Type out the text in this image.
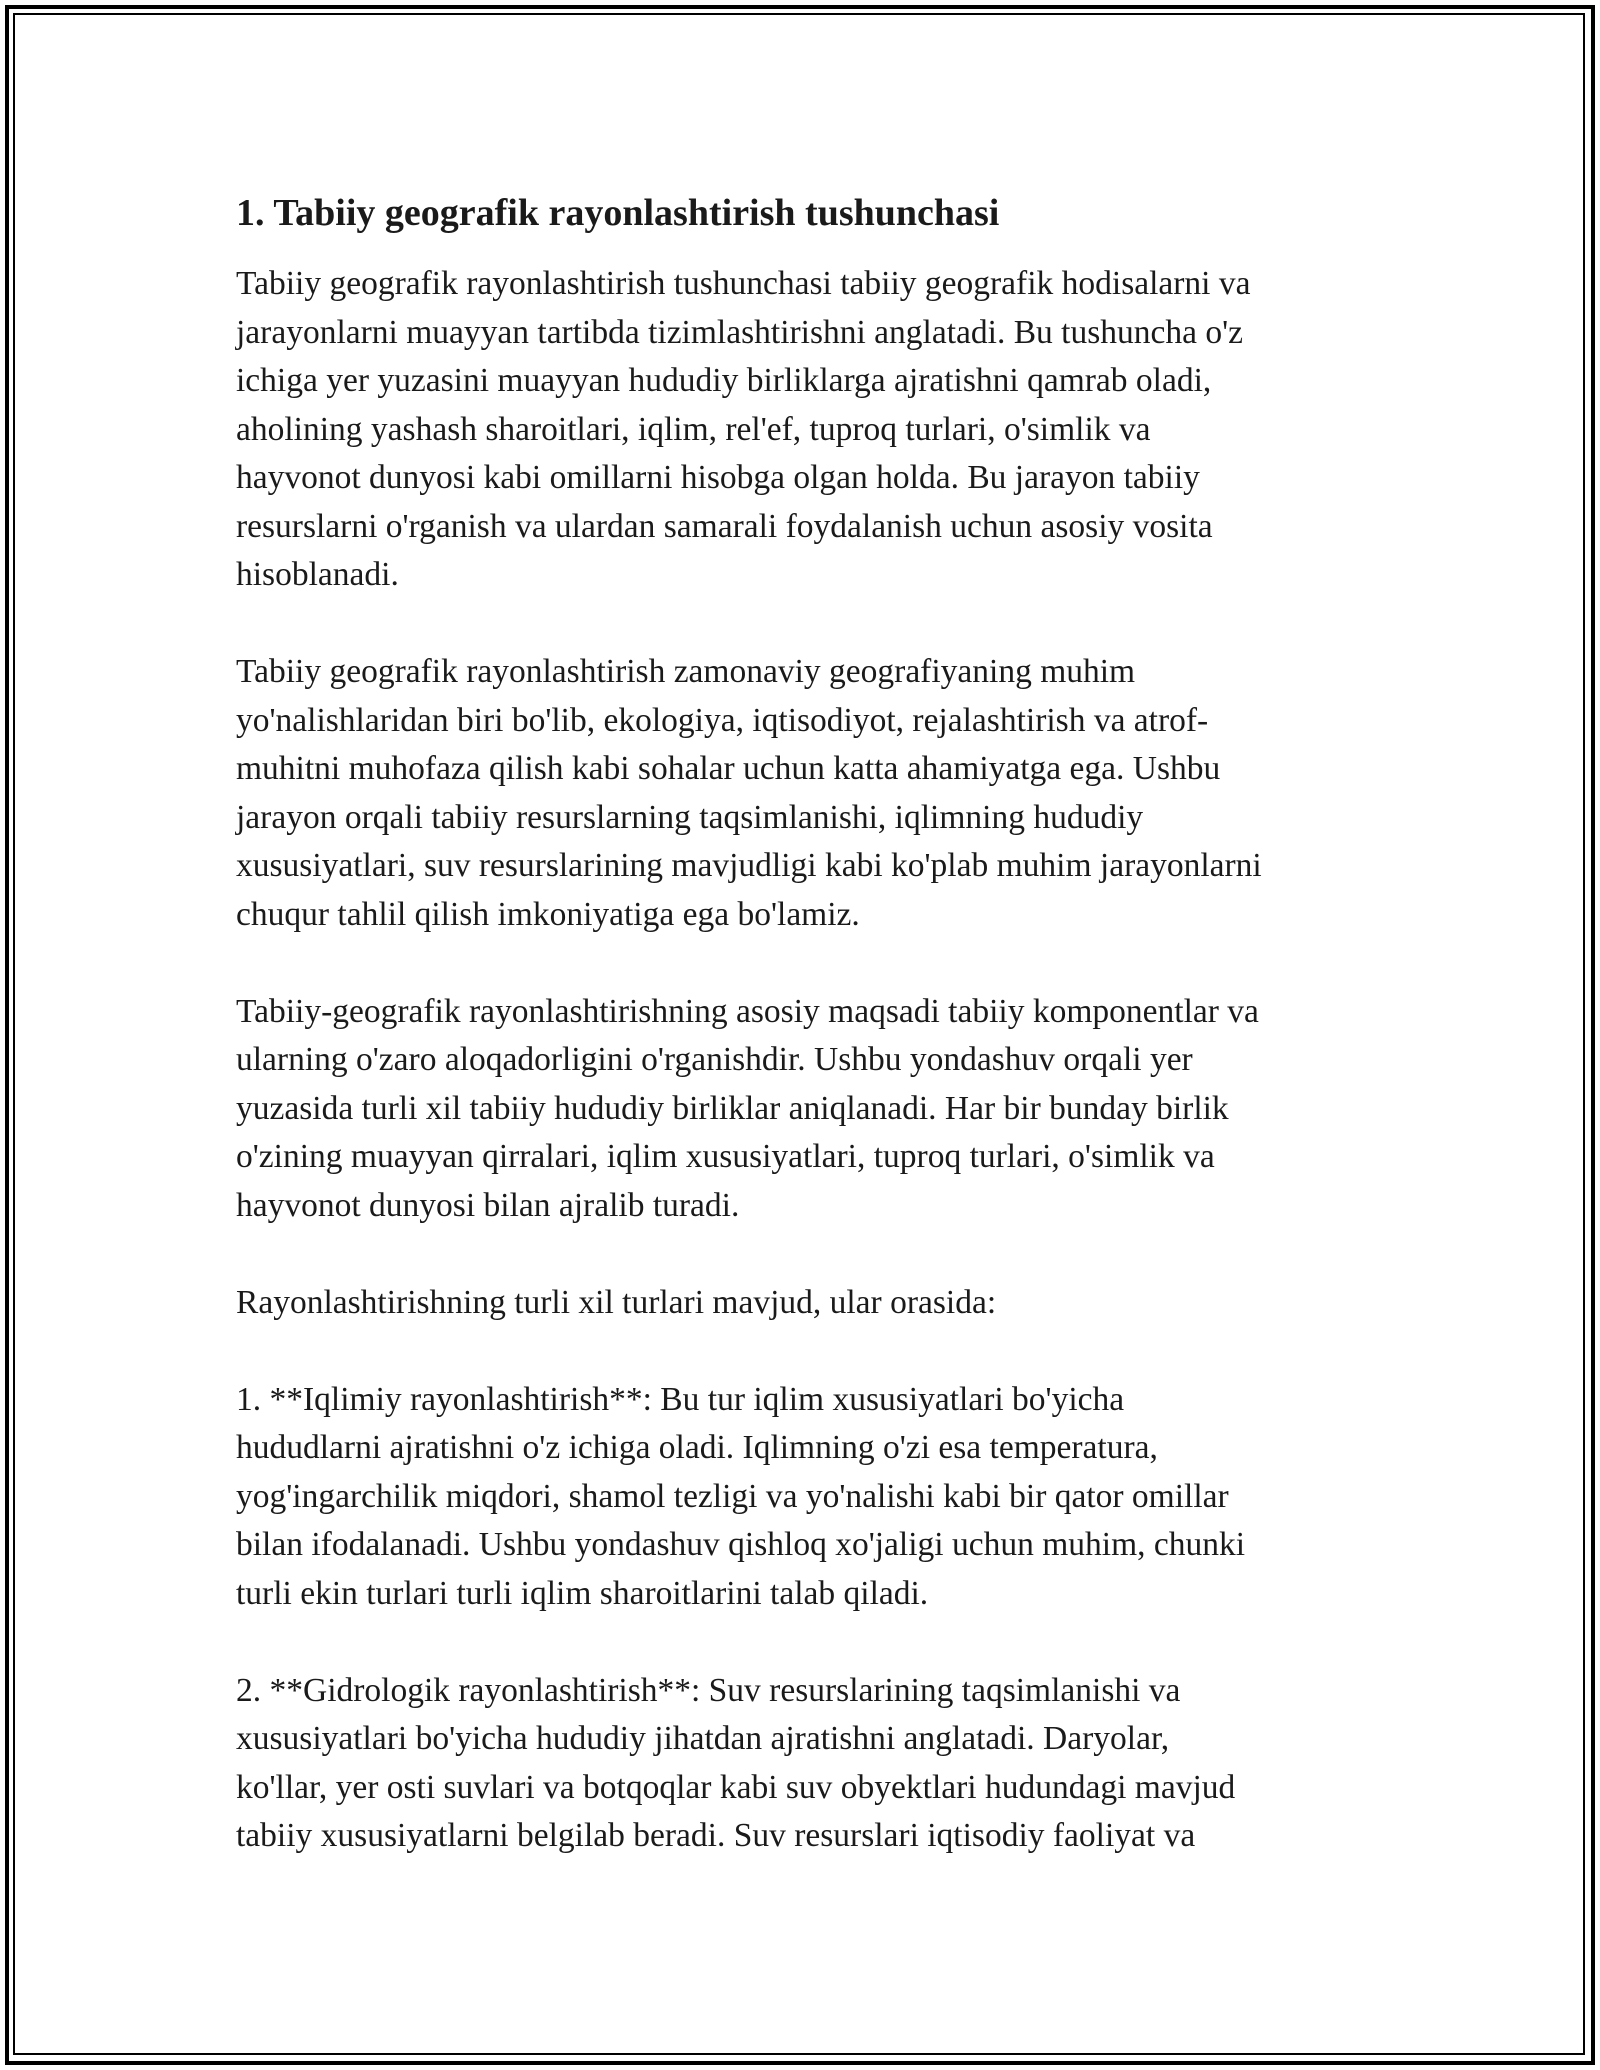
1. Tabiiy geografik rayonlashtirish tushunchasi

Tabiiy geografik rayonlashtirish tushunchasi tabiiy geografik hodisalarni va
jarayonlarni muayyan tartibda tizimlashtirishni anglatadi. Bu tushuncha o'z
ichiga yer yuzasini muayyan hududiy birliklarga ajratishni qamrab oladi,
aholining yashash sharoitlari, iqlim, rel'ef, tuproq turlari, o'simlik va
hayvonot dunyosi kabi omillarni hisobga olgan holda. Bu jarayon tabiiy
resurslarni o'rganish va ulardan samarali foydalanish uchun asosiy vosita
hisoblanadi.

Tabiiy geografik rayonlashtirish zamonaviy geografiyaning muhim
yo'nalishlaridan biri bo'lib, ekologiya, iqtisodiyot, rejalashtirish va atrof-
muhitni muhofaza qilish kabi sohalar uchun katta ahamiyatga ega. Ushbu
jarayon orqali tabiiy resurslarning taqsimlanishi, iqlimning hududiy
xususiyatlari, suv resurslarining mavjudligi kabi ko'plab muhim jarayonlarni
chuqur tahlil qilish imkoniyatiga ega bo'lamiz.

Tabiiy-geografik rayonlashtirishning asosiy maqsadi tabiiy komponentlar va
ularning o'zaro aloqadorligini o'rganishdir. Ushbu yondashuv orqali yer
yuzasida turli xil tabiiy hududiy birliklar aniqlanadi. Har bir bunday birlik
o'zining muayyan qirralari, iqlim xususiyatlari, tuproq turlari, o'simlik va
hayvonot dunyosi bilan ajralib turadi.

Rayonlashtirishning turli xil turlari mavjud, ular orasida:

1. **Iqlimiy rayonlashtirish**: Bu tur iqlim xususiyatlari bo'yicha
hududlarni ajratishni o'z ichiga oladi. Iqlimning o'zi esa temperatura,
yog'ingarchilik miqdori, shamol tezligi va yo'nalishi kabi bir qator omillar
bilan ifodalanadi. Ushbu yondashuv qishloq xo'jaligi uchun muhim, chunki
turli ekin turlari turli iqlim sharoitlarini talab qiladi.

2. **Gidrologik rayonlashtirish**: Suv resurslarining taqsimlanishi va
xususiyatlari bo'yicha hududiy jihatdan ajratishni anglatadi. Daryolar,
ko'llar, yer osti suvlari va botqoqlar kabi suv obyektlari hudundagi mavjud
tabiiy xususiyatlarni belgilab beradi. Suv resurslari iqtisodiy faoliyat va
